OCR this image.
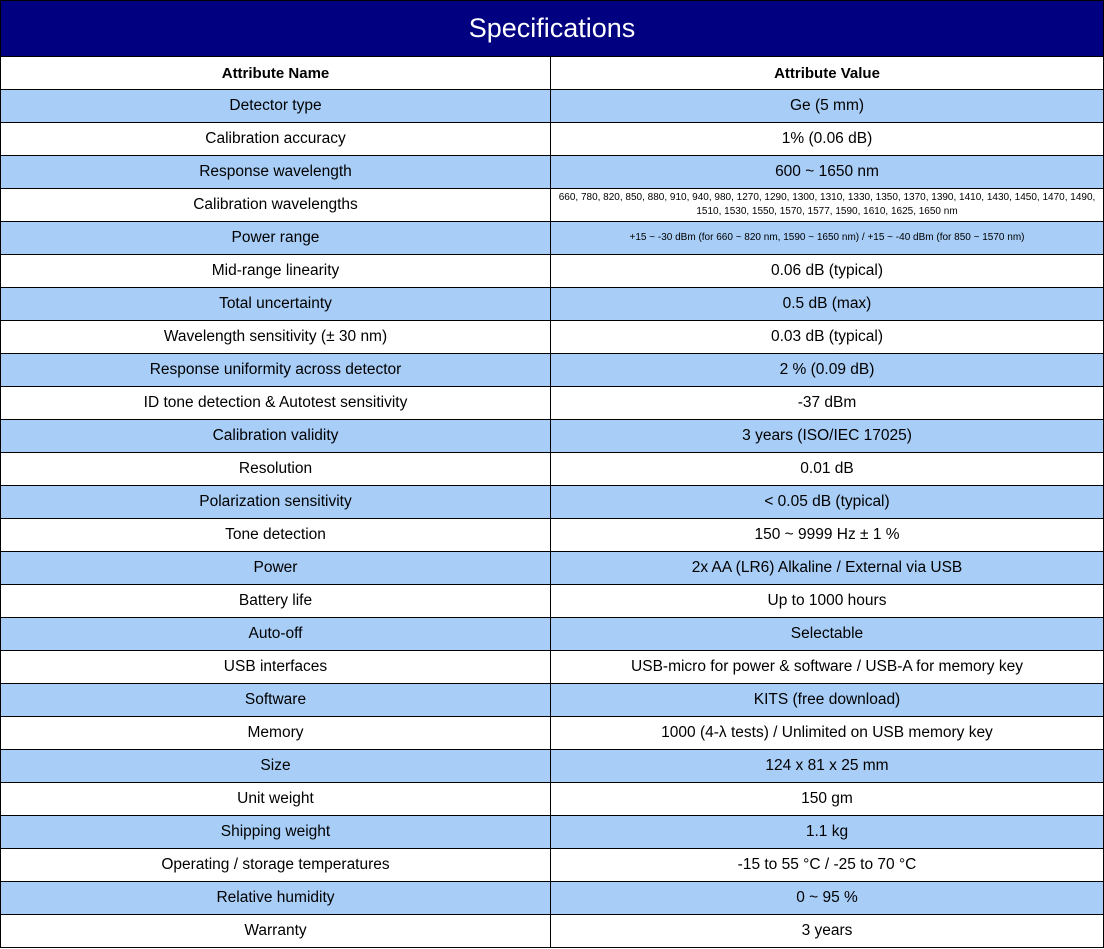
Specifications	
Attribute Name	Attribute Value
Detector type	Ge (5 mm)
Calibration accuracy	1% (0.06 dB)
Response wavelength	600 ~ 1650 nm
Calibration wavelengths	660, 780, 820, 850, 880, 910, 940, 980, 1270, 1290, 1300, 1310, 1330, 1350, 1370, 1390, 1410, 1430, 1450, 1470, 1490, 1510, 1530, 1550, 1570, 1577, 1590, 1610, 1625, 1650 nm
Power range	+15 ~ -30 dBm (for 660 ~ 820 nm, 1590 ~ 1650 nm) / +15 ~ -40 dBm (for 850 ~ 1570 nm)
Mid-range linearity	0.06 dB (typical)
Total uncertainty	0.5 dB (max)
Wavelength sensitivity (± 30 nm)	0.03 dB (typical)
Response uniformity across detector	2 % (0.09 dB)
ID tone detection & Autotest sensitivity	-37 dBm
Calibration validity	3 years (ISO/IEC 17025)
Resolution	0.01 dB
Polarization sensitivity	< 0.05 dB (typical)
Tone detection	150 ~ 9999 Hz ± 1 %
Power	2x AA (LR6) Alkaline / External via USB
Battery life	Up to 1000 hours
Auto-off	Selectable
USB interfaces	USB-micro for power & software / USB-A for memory key
Software	KITS (free download)
Memory	1000 (4-λ tests) / Unlimited on USB memory key
Size	124 x 81 x 25 mm
Unit weight	150 gm
Shipping weight	1.1 kg
Operating / storage temperatures	-15 to 55 °C / -25 to 70 °C
Relative humidity	0 ~ 95 %
Warranty	3 years
